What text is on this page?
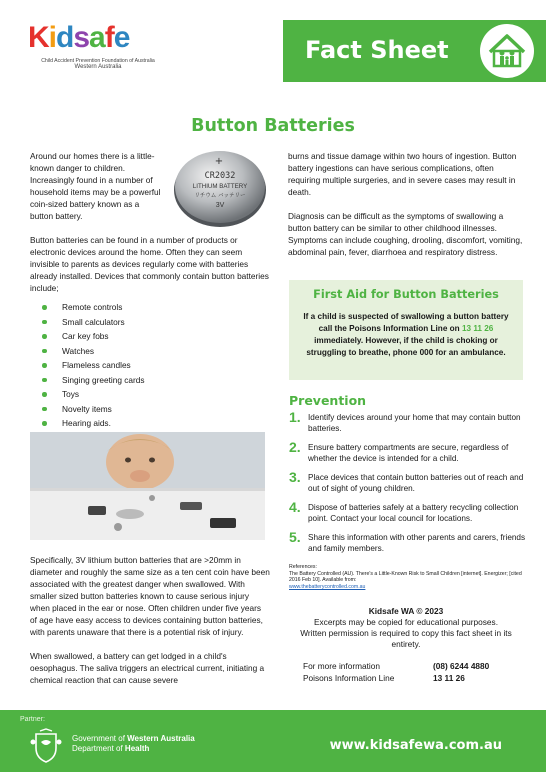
Kidsafe
Child Accident Prevention Foundation of Australia
Western Australia
Fact Sheet
Button Batteries

Around our homes there is a little-known danger to children. Increasingly found in a number of household items may be a powerful coin-sized battery known as a button battery.

Button batteries can be found in a number of products or electronic devices around the home. Often they can seem invisible to parents as devices regularly come with batteries already installed. Devices that commonly contain button batteries include;

Remote controls
Small calculators
Car key fobs
Watches
Flameless candles
Singing greeting cards
Toys
Novelty items
Hearing aids.
+
CR2032
LITHIUM BATTERY
リチウム バッテリー
3V

Specifically, 3V lithium button batteries that are >20mm in diameter and roughly the same size as a ten cent coin have been associated with the greatest danger when swallowed. With smaller sized button batteries known to cause serious injury when placed in the ear or nose. Often children under five years of age have easy access to devices containing button batteries, with parents unaware that there is a potential risk of injury.

When swallowed, a battery can get lodged in a child's oesophagus. The saliva triggers an electrical current, initiating a chemical reaction that can cause severe

burns and tissue damage within two hours of ingestion. Button battery ingestions can have serious complications, often requiring multiple surgeries, and in severe cases may result in death.

Diagnosis can be difficult as the symptoms of swallowing a button battery can be similar to other childhood illnesses. Symptoms can include coughing, drooling, discomfort, vomiting, abdominal pain, fever, diarrhoea and respiratory distress.

First Aid for Button Batteries
If a child is suspected of swallowing a button battery call the Poisons Information Line on 13 11 26 immediately. However, if the child is choking or struggling to breathe, phone 000 for an ambulance.
Prevention
1. Identify devices around your home that may contain button batteries.
2. Ensure battery compartments are secure, regardless of whether the device is intended for a child.
3. Place devices that contain button batteries out of reach and out of sight of young children.
4. Dispose of batteries safely at a battery recycling collection point. Contact your local council for locations.
5. Share this information with other parents and carers, friends and family members.
References:
The Battery Controlled (AU). There's a Little-Known Risk to Small Children [internet]. Energizer; [cited 2016 Feb 10]. Available from:
www.thebatterycontrolled.com.au
Kidsafe WA © 2023
Excerpts may be copied for educational purposes.
Written permission is required to copy this fact sheet in its entirety.
For more information	(08) 6244 4880
Poisons Information Line	13 11 26
Partner:
Government of Western Australia
Department of Health	www.kidsafewa.com.au
